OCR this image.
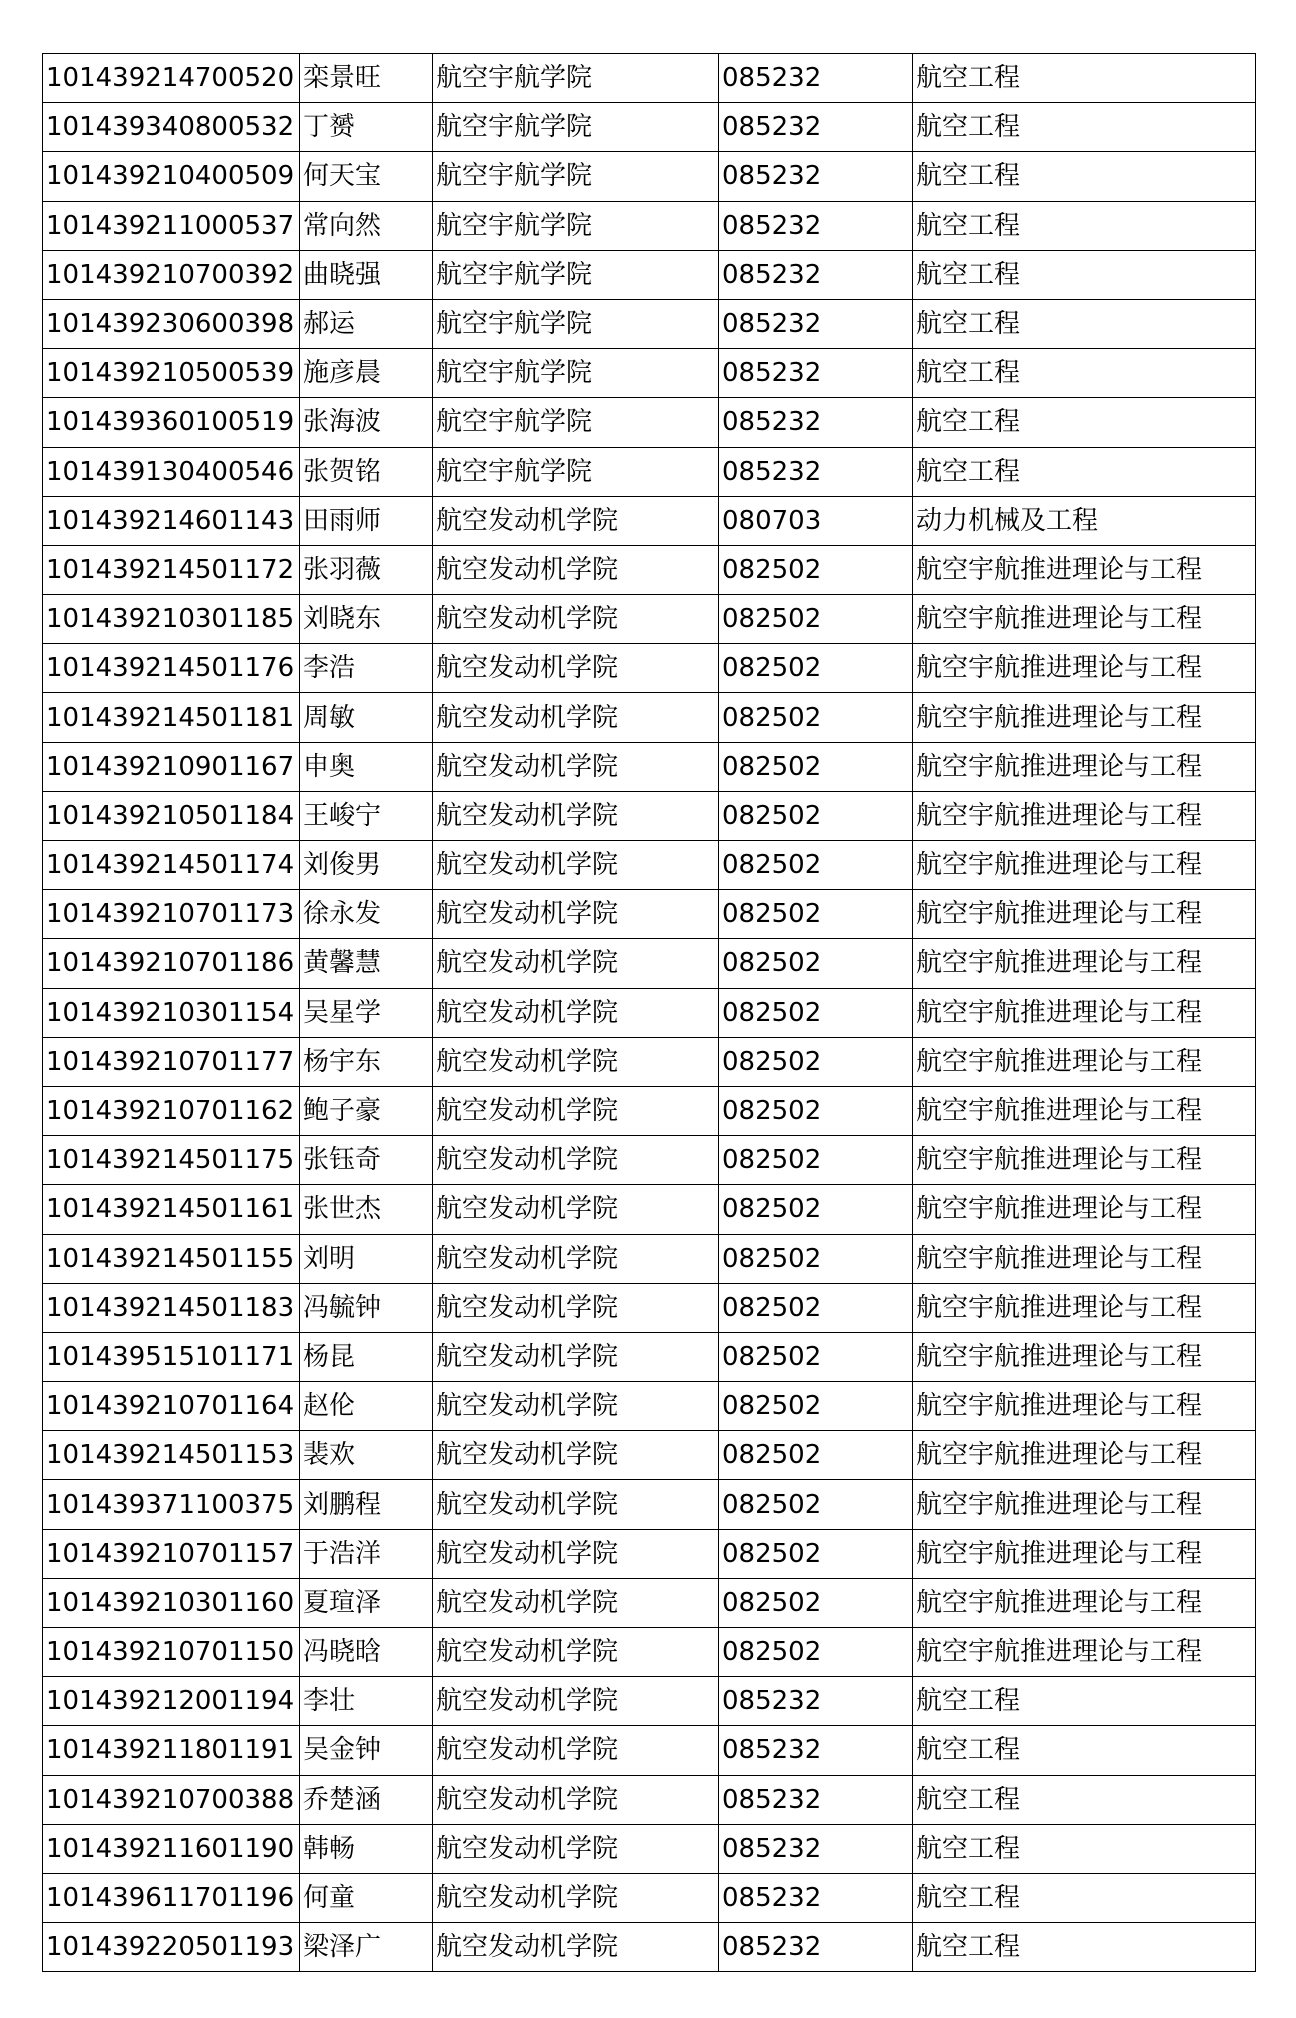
101439214700520	栾景旺	航空宇航学院	085232	航空工程
101439340800532	丁赟	航空宇航学院	085232	航空工程
101439210400509	何天宝	航空宇航学院	085232	航空工程
101439211000537	常向然	航空宇航学院	085232	航空工程
101439210700392	曲晓强	航空宇航学院	085232	航空工程
101439230600398	郝运	航空宇航学院	085232	航空工程
101439210500539	施彦晨	航空宇航学院	085232	航空工程
101439360100519	张海波	航空宇航学院	085232	航空工程
101439130400546	张贺铭	航空宇航学院	085232	航空工程
101439214601143	田雨师	航空发动机学院	080703	动力机械及工程
101439214501172	张羽薇	航空发动机学院	082502	航空宇航推进理论与工程
101439210301185	刘晓东	航空发动机学院	082502	航空宇航推进理论与工程
101439214501176	李浩	航空发动机学院	082502	航空宇航推进理论与工程
101439214501181	周敏	航空发动机学院	082502	航空宇航推进理论与工程
101439210901167	申奥	航空发动机学院	082502	航空宇航推进理论与工程
101439210501184	王峻宁	航空发动机学院	082502	航空宇航推进理论与工程
101439214501174	刘俊男	航空发动机学院	082502	航空宇航推进理论与工程
101439210701173	徐永发	航空发动机学院	082502	航空宇航推进理论与工程
101439210701186	黄馨慧	航空发动机学院	082502	航空宇航推进理论与工程
101439210301154	吴星学	航空发动机学院	082502	航空宇航推进理论与工程
101439210701177	杨宇东	航空发动机学院	082502	航空宇航推进理论与工程
101439210701162	鲍子豪	航空发动机学院	082502	航空宇航推进理论与工程
101439214501175	张钰奇	航空发动机学院	082502	航空宇航推进理论与工程
101439214501161	张世杰	航空发动机学院	082502	航空宇航推进理论与工程
101439214501155	刘明	航空发动机学院	082502	航空宇航推进理论与工程
101439214501183	冯毓钟	航空发动机学院	082502	航空宇航推进理论与工程
101439515101171	杨昆	航空发动机学院	082502	航空宇航推进理论与工程
101439210701164	赵伦	航空发动机学院	082502	航空宇航推进理论与工程
101439214501153	裴欢	航空发动机学院	082502	航空宇航推进理论与工程
101439371100375	刘鹏程	航空发动机学院	082502	航空宇航推进理论与工程
101439210701157	于浩洋	航空发动机学院	082502	航空宇航推进理论与工程
101439210301160	夏瑄泽	航空发动机学院	082502	航空宇航推进理论与工程
101439210701150	冯晓晗	航空发动机学院	082502	航空宇航推进理论与工程
101439212001194	李壮	航空发动机学院	085232	航空工程
101439211801191	吴金钟	航空发动机学院	085232	航空工程
101439210700388	乔楚涵	航空发动机学院	085232	航空工程
101439211601190	韩畅	航空发动机学院	085232	航空工程
101439611701196	何童	航空发动机学院	085232	航空工程
101439220501193	梁泽广	航空发动机学院	085232	航空工程
